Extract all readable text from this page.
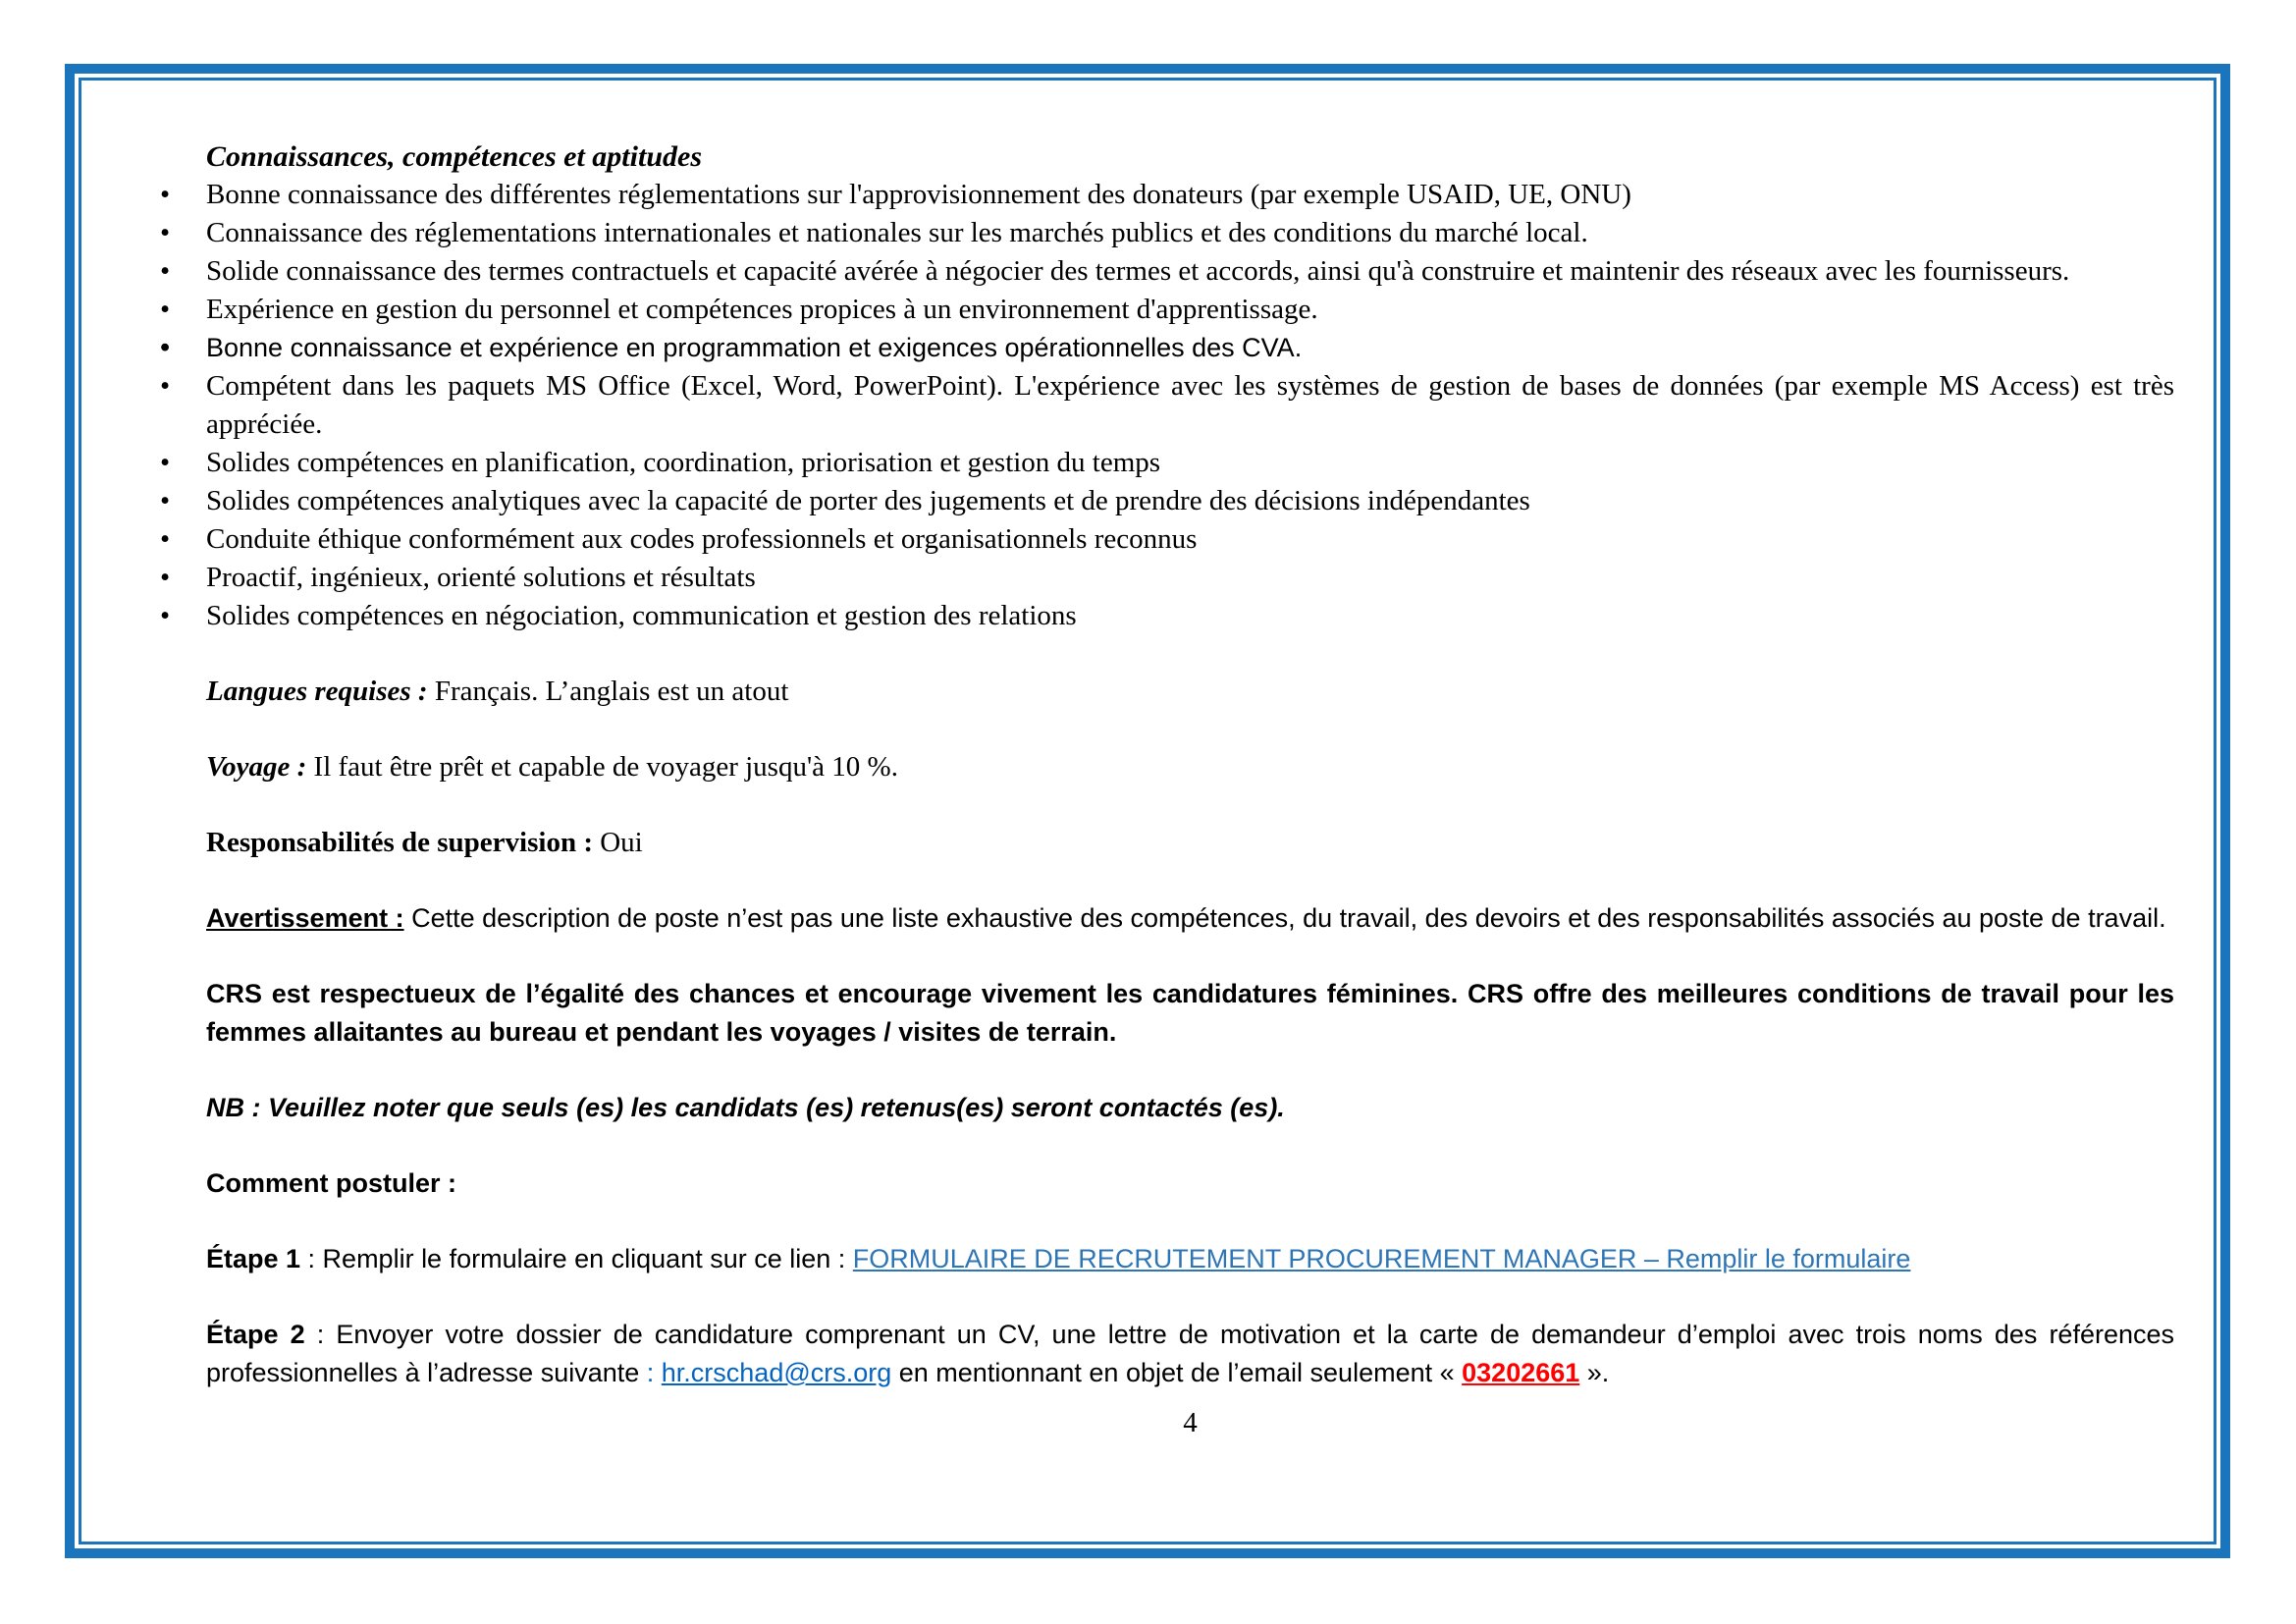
Connaissances, compétences et aptitudes
• Bonne connaissance des différentes réglementations sur l'approvisionnement des donateurs (par exemple USAID, UE, ONU)
• Connaissance des réglementations internationales et nationales sur les marchés publics et des conditions du marché local.
• Solide connaissance des termes contractuels et capacité avérée à négocier des termes et accords, ainsi qu'à construire et maintenir des réseaux avec les fournisseurs.
• Expérience en gestion du personnel et compétences propices à un environnement d'apprentissage.
• Bonne connaissance et expérience en programmation et exigences opérationnelles des CVA.
• Compétent dans les paquets MS Office (Excel, Word, PowerPoint). L'expérience avec les systèmes de gestion de bases de données (par exemple MS Access) est très appréciée.
• Solides compétences en planification, coordination, priorisation et gestion du temps
• Solides compétences analytiques avec la capacité de porter des jugements et de prendre des décisions indépendantes
• Conduite éthique conformément aux codes professionnels et organisationnels reconnus
• Proactif, ingénieux, orienté solutions et résultats
• Solides compétences en négociation, communication et gestion des relations

Langues requises : Français. L’anglais est un atout

Voyage : Il faut être prêt et capable de voyager jusqu'à 10 %.

Responsabilités de supervision : Oui

Avertissement : Cette description de poste n’est pas une liste exhaustive des compétences, du travail, des devoirs et des responsabilités associés au poste de travail.

CRS est respectueux de l’égalité des chances et encourage vivement les candidatures féminines. CRS offre des meilleures conditions de travail pour les femmes allaitantes au bureau et pendant les voyages / visites de terrain.

NB : Veuillez noter que seuls (es) les candidats (es) retenus(es) seront contactés (es).

Comment postuler :

Étape 1 : Remplir le formulaire en cliquant sur ce lien : FORMULAIRE DE RECRUTEMENT PROCUREMENT MANAGER – Remplir le formulaire

Étape 2 : Envoyer votre dossier de candidature comprenant un CV, une lettre de motivation et la carte de demandeur d’emploi avec trois noms des références professionnelles à l’adresse suivante : hr.crschad@crs.org en mentionnant en objet de l’email seulement « 03202661 ».

4
